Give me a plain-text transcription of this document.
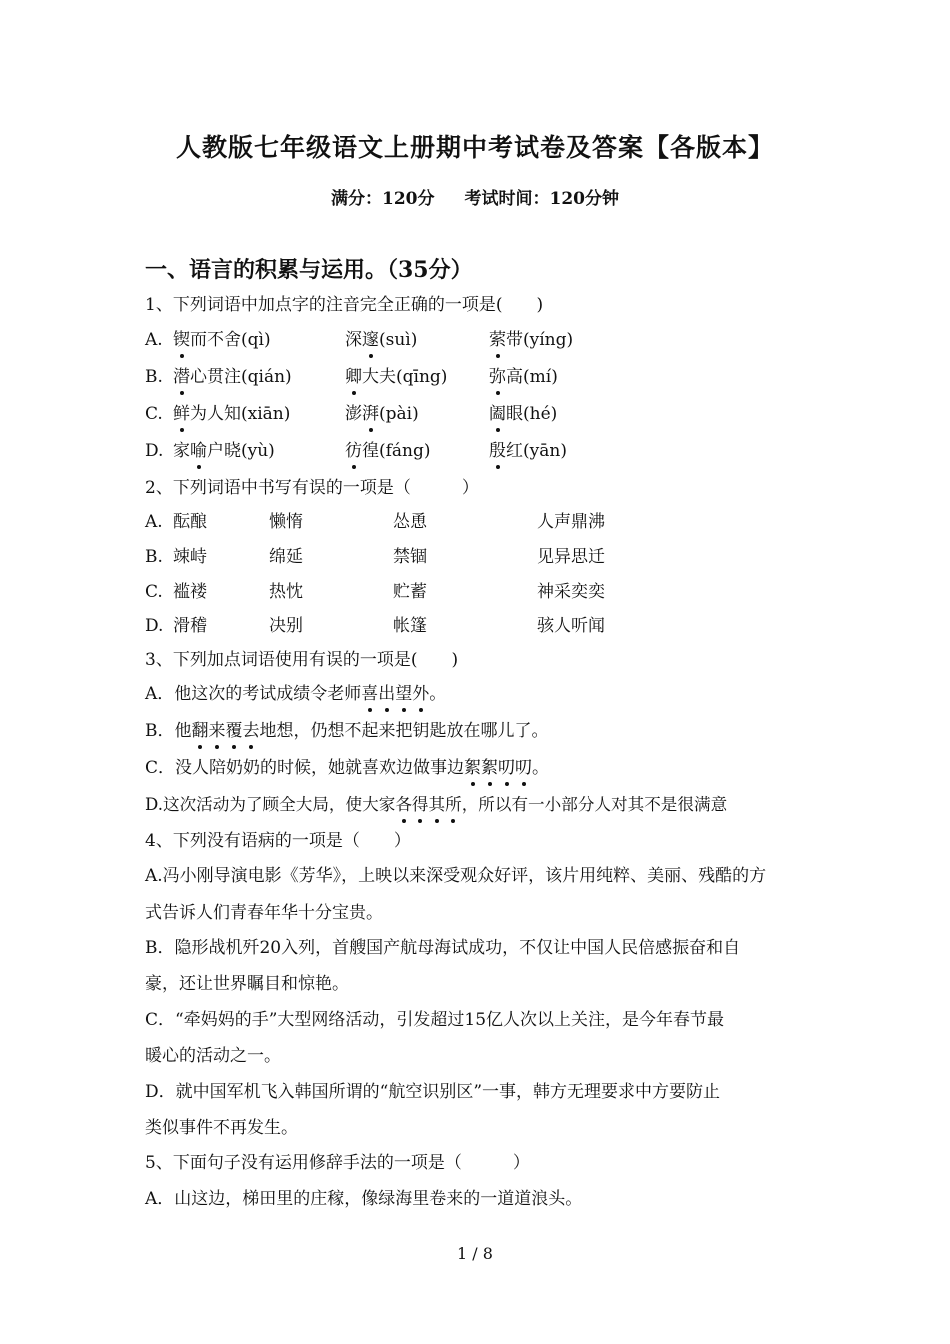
人教版七年级语文上册期中考试卷及答案【各版本】
满分：120分 考试时间：120分钟
一、语言的积累与运用。（35分）
1、下列词语中加点字的注音完全正确的一项是(　　)
A. 锲而不舍(qì)	深邃(suì)	萦带(yíng)
B. 潜心贯注(qián)	卿大夫(qīng) 弥高(mí)
C. 鲜为人知(xiān)	澎湃(pài)	阖眼(hé)
D. 家喻户晓(yù)	彷徨(fáng)	殷红(yān)
2、下列词语中书写有误的一项是（　　　）
A. 酝酿	懒惰	怂恿	人声鼎沸
B. 竦峙	绵延	禁锢	见异思迁
C. 褴褛	热忱	贮蓄	神采奕奕
D. 滑稽	决别	帐篷	骇人听闻
3、下列加点词语使用有误的一项是(　　)
A．他这次的考试成绩令老师喜出望外。
B．他翻来覆去地想，仍想不起来把钥匙放在哪儿了。
C．没人陪奶奶的时候，她就喜欢边做事边絮絮叨叨。
D.这次活动为了顾全大局，使大家各得其所，所以有一小部分人对其不是很满意
4、下列没有语病的一项是（　　）
A.冯小刚导演电影《芳华》，上映以来深受观众好评，该片用纯粹、美丽、残酷的方
式告诉人们青春年华十分宝贵。
B．隐形战机歼20入列，首艘国产航母海试成功，不仅让中国人民倍感振奋和自
豪，还让世界瞩目和惊艳。
C．“牵妈妈的手”大型网络活动，引发超过15亿人次以上关注，是今年春节最
暖心的活动之一。
D．就中国军机飞入韩国所谓的“航空识别区”一事，韩方无理要求中方要防止
类似事件不再发生。
5、下面句子没有运用修辞手法的一项是（　　　）
A．山这边，梯田里的庄稼，像绿海里卷来的一道道浪头。
1 / 8
